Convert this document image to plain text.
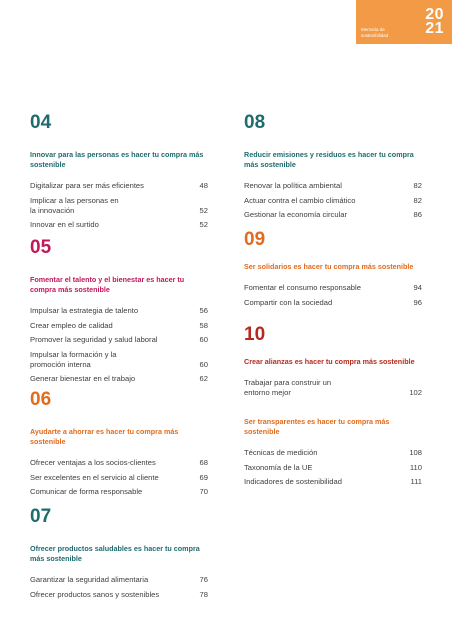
Memoria de sostenibilidad
20
21
04
Innovar para las personas es hacer tu compra más sostenible
Digitalizar para ser más eficientes	48
Implicar a las personas en
la innovación	52
Innovar en el surtido	52
05
Fomentar el talento y el bienestar es hacer tu compra más sostenible
Impulsar la estrategia de talento	56
Crear empleo de calidad	58
Promover la seguridad y salud laboral	60
Impulsar la formación y la
promoción interna	60
Generar bienestar en el trabajo	62
06
Ayudarte a ahorrar es hacer tu compra más sostenible
Ofrecer ventajas a los socios-clientes	68
Ser excelentes en el servicio al cliente	69
Comunicar de forma responsable	70
07
Ofrecer productos saludables es hacer tu compra más sostenible
Garantizar la seguridad alimentaria	76
Ofrecer productos sanos y sostenibles	78
08
Reducir emisiones y residuos es hacer tu compra más sostenible
Renovar la política ambiental	82
Actuar contra el cambio climático	82
Gestionar la economía circular	86
09
Ser solidarios es hacer tu compra más sostenible
Fomentar el consumo responsable	94
Compartir con la sociedad	96
10
Crear alianzas es hacer tu compra más sostenible
Trabajar para construir un
entorno mejor	102
Ser transparentes es hacer tu compra más sostenible
Técnicas de medición	108
Taxonomía de la UE	110
Indicadores de sostenibilidad	111
